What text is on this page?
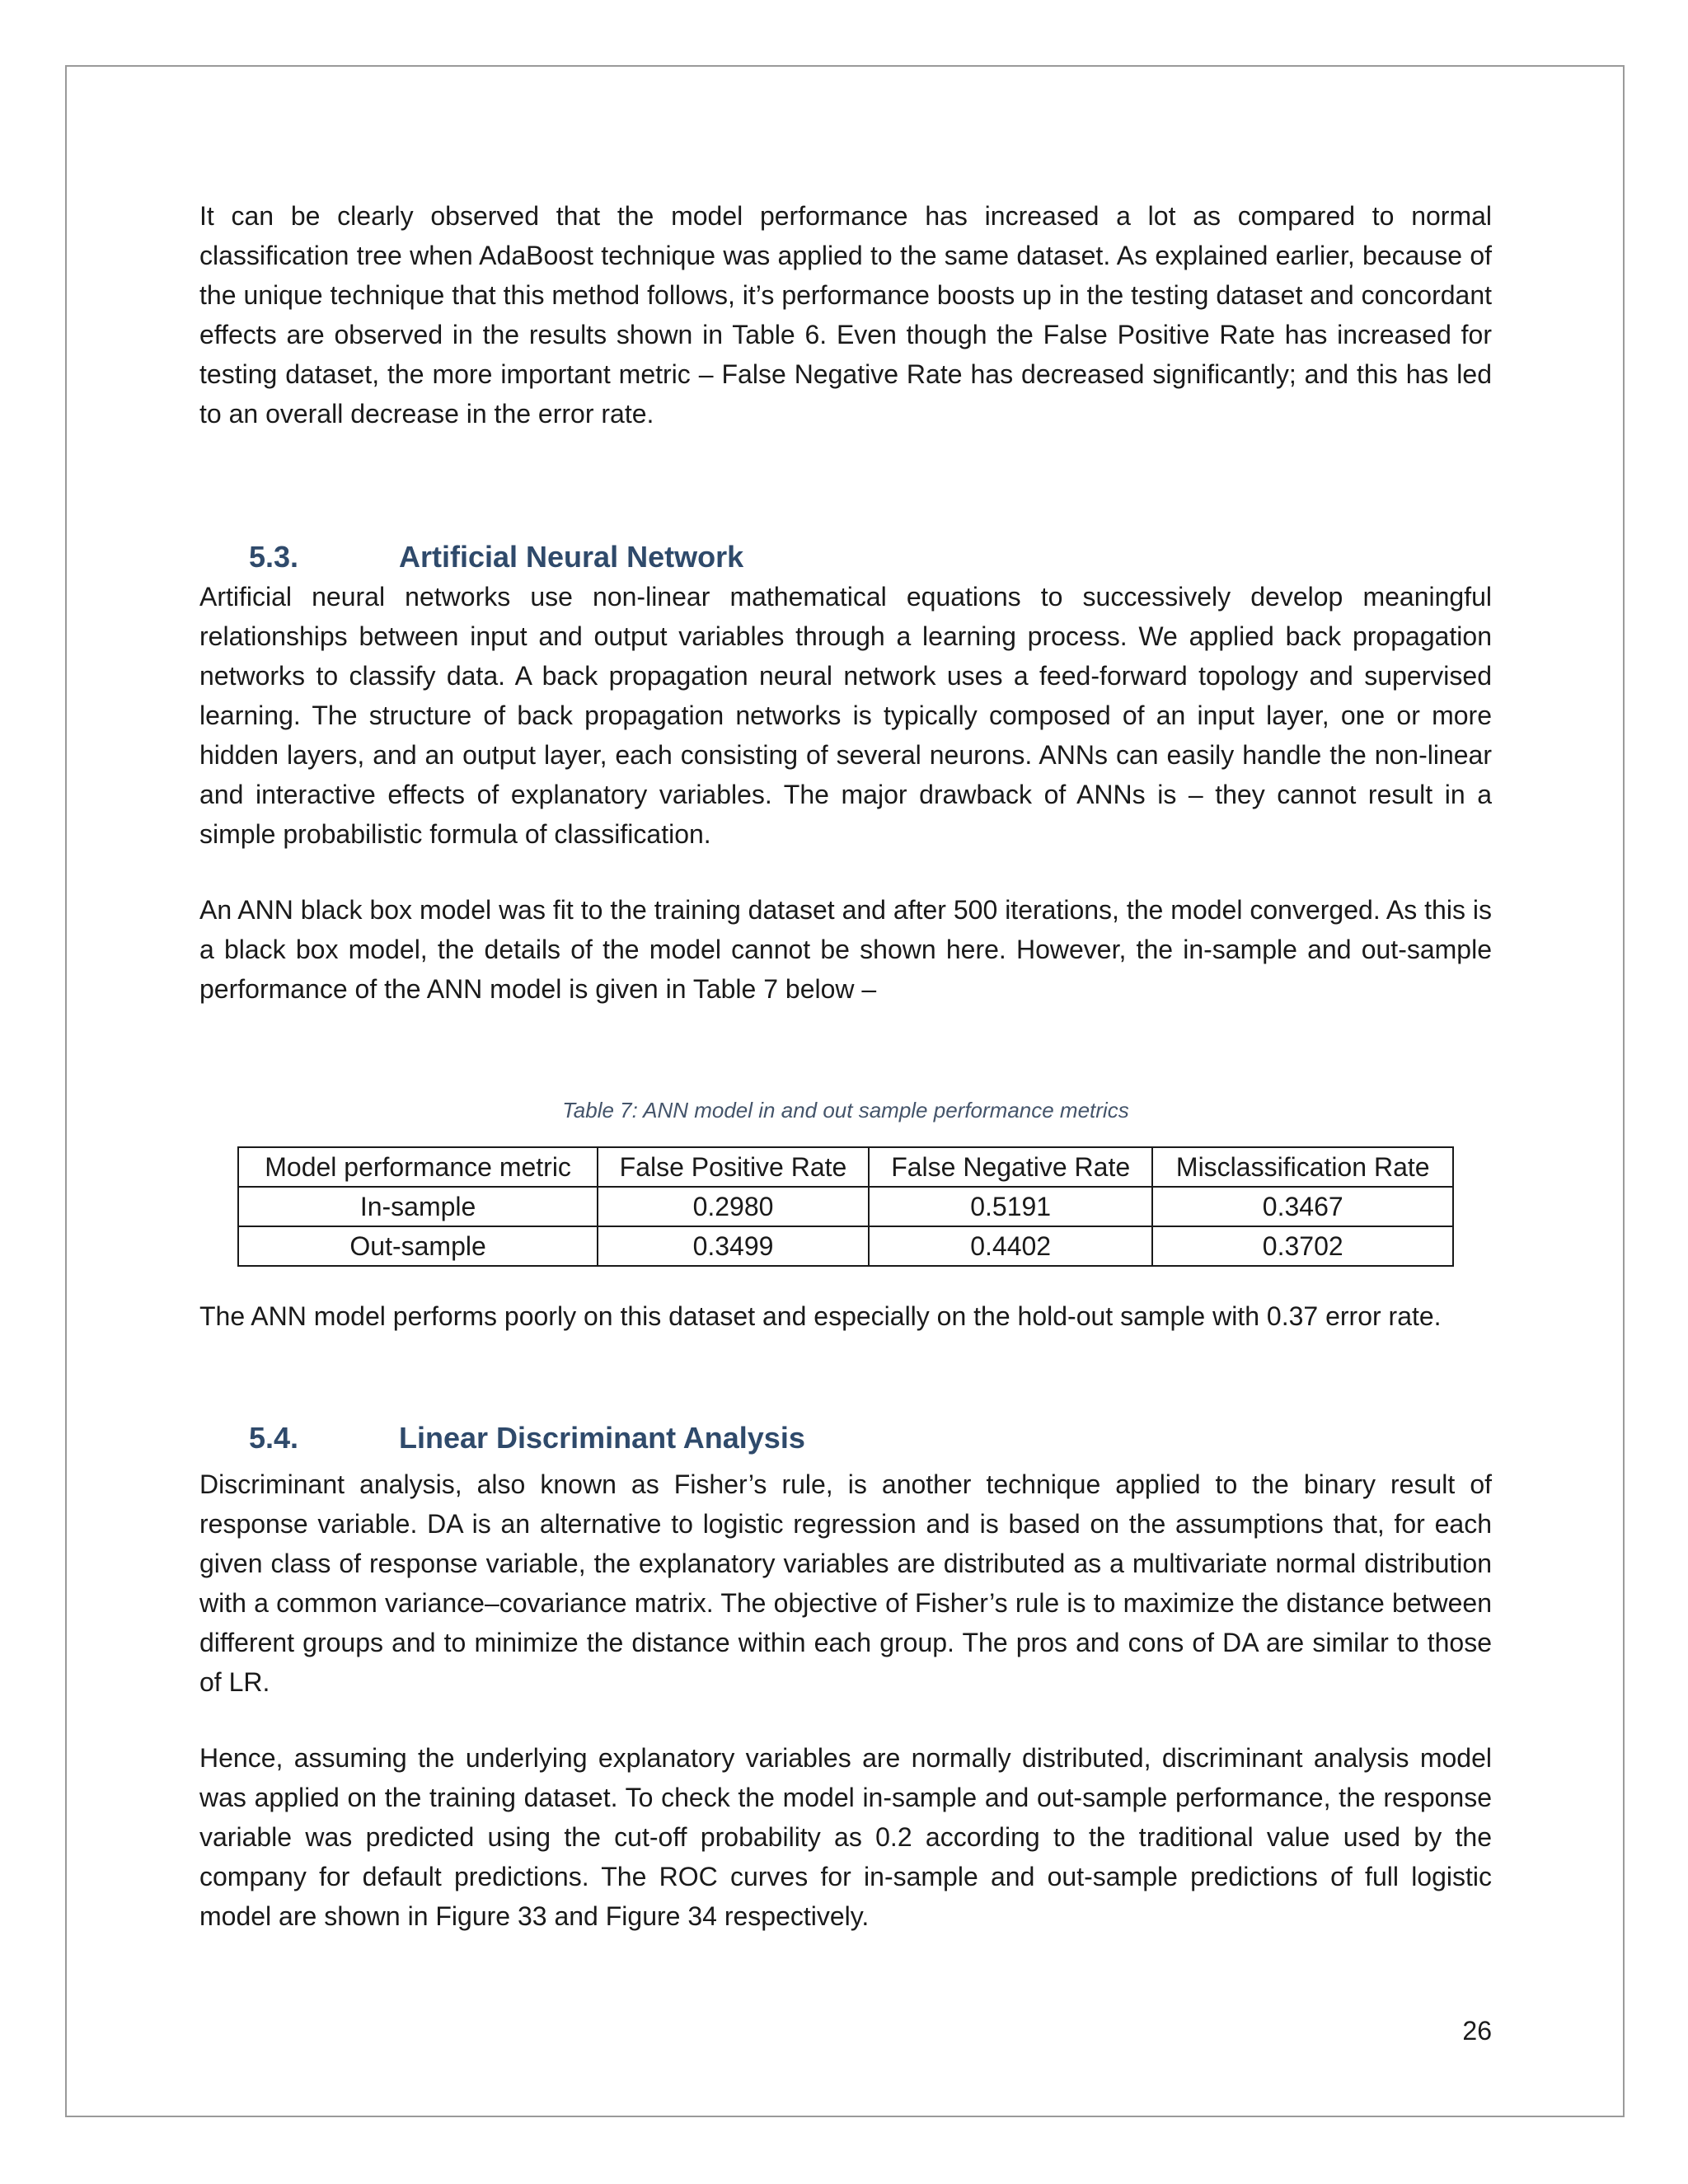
It can be clearly observed that the model performance has increased a lot as compared to normal classification tree when AdaBoost technique was applied to the same dataset. As explained earlier, because of the unique technique that this method follows, it’s performance boosts up in the testing dataset and concordant effects are observed in the results shown in Table 6. Even though the False Positive Rate has increased for testing dataset, the more important metric – False Negative Rate has decreased significantly; and this has led to an overall decrease in the error rate.

5.3.	Artificial Neural Network

Artificial neural networks use non-linear mathematical equations to successively develop meaningful relationships between input and output variables through a learning process. We applied back propagation networks to classify data. A back propagation neural network uses a feed-forward topology and supervised learning. The structure of back propagation networks is typically composed of an input layer, one or more hidden layers, and an output layer, each consisting of several neurons. ANNs can easily handle the non-linear and interactive effects of explanatory variables. The major drawback of ANNs is – they cannot result in a simple probabilistic formula of classification.

An ANN black box model was fit to the training dataset and after 500 iterations, the model converged. As this is a black box model, the details of the model cannot be shown here. However, the in-sample and out-sample performance of the ANN model is given in Table 7 below –

Table 7: ANN model in and out sample performance metrics
Model performance metric	False Positive Rate	False Negative Rate	Misclassification Rate
In-sample	0.2980	0.5191	0.3467
Out-sample	0.3499	0.4402	0.3702

The ANN model performs poorly on this dataset and especially on the hold-out sample with 0.37 error rate.

5.4.	Linear Discriminant Analysis

Discriminant analysis, also known as Fisher’s rule, is another technique applied to the binary result of response variable. DA is an alternative to logistic regression and is based on the assumptions that, for each given class of response variable, the explanatory variables are distributed as a multivariate normal distribution with a common variance–covariance matrix. The objective of Fisher’s rule is to maximize the distance between different groups and to minimize the distance within each group. The pros and cons of DA are similar to those of LR.

Hence, assuming the underlying explanatory variables are normally distributed, discriminant analysis model was applied on the training dataset. To check the model in-sample and out-sample performance, the response variable was predicted using the cut-off probability as 0.2 according to the traditional value used by the company for default predictions. The ROC curves for in-sample and out-sample predictions of full logistic model are shown in Figure 33 and Figure 34 respectively.

26
